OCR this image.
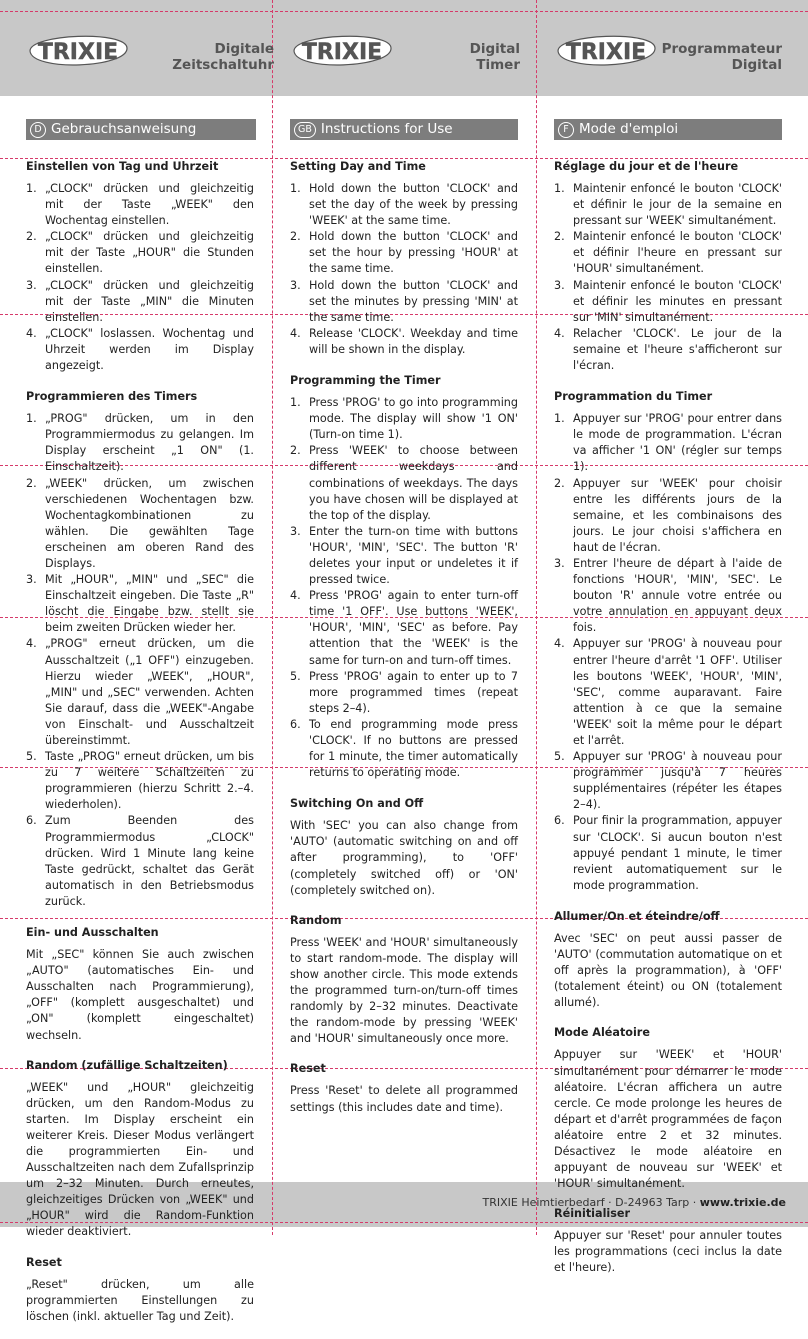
TRIXIE Heimtierbedarf · D-24963 Tarp · www.trixie.de
TRIXIE	Digitale
Zeitschaltuhr
D Gebrauchsanweisung
Einstellen von Tag und Uhrzeit
1. „CLOCK" drücken und gleichzeitig mit der Taste „WEEK" den Wochentag einstellen.
2. „CLOCK" drücken und gleichzeitig mit der Taste „HOUR" die Stunden einstellen.
3. „CLOCK" drücken und gleichzeitig mit der Taste „MIN" die Minuten einstellen.
4. „CLOCK" loslassen. Wochentag und Uhrzeit werden im Display angezeigt.
Programmieren des Timers
1. „PROG" drücken, um in den Programmiermodus zu gelangen. Im Display erscheint „1 ON" (1. Einschaltzeit).
2. „WEEK" drücken, um zwischen verschiedenen Wochentagen bzw. Wochentagkombinationen zu wählen. Die gewählten Tage erscheinen am oberen Rand des Displays.
3. Mit „HOUR", „MIN" und „SEC" die Einschaltzeit eingeben. Die Taste „R" löscht die Eingabe bzw. stellt sie beim zweiten Drücken wieder her.
4. „PROG" erneut drücken, um die Ausschaltzeit („1 OFF") einzugeben. Hierzu wieder „WEEK", „HOUR", „MIN" und „SEC" verwenden. Achten Sie darauf, dass die „WEEK"-Angabe von Einschalt- und Ausschaltzeit übereinstimmt.
5. Taste „PROG" erneut drücken, um bis zu 7 weitere Schaltzeiten zu programmieren (hierzu Schritt 2.–4. wiederholen).
6. Zum Beenden des Programmiermodus „CLOCK" drücken. Wird 1 Minute lang keine Taste gedrückt, schaltet das Gerät automatisch in den Betriebsmodus zurück.
Ein- und Ausschalten

Mit „SEC" können Sie auch zwischen „AUTO" (automatisches Ein- und Ausschalten nach Programmierung), „OFF" (komplett ausgeschaltet) und „ON" (komplett eingeschaltet) wechseln.

Random (zufällige Schaltzeiten)

„WEEK" und „HOUR" gleichzeitig drücken, um den Random-Modus zu starten. Im Display erscheint ein weiterer Kreis. Dieser Modus verlängert die programmierten Ein- und Ausschaltzeiten nach dem Zufallsprinzip um 2–32 Minuten. Durch erneutes, gleichzeitiges Drücken von „WEEK" und „HOUR" wird die Random-Funktion wieder deaktiviert.

Reset

„Reset" drücken, um alle programmierten Einstellungen zu löschen (inkl. aktueller Tag und Zeit).

TRIXIE	Digital
Timer
GB Instructions for Use
Setting Day and Time
1. Hold down the button 'CLOCK' and set the day of the week by pressing 'WEEK' at the same time.
2. Hold down the button 'CLOCK' and set the hour by pressing 'HOUR' at the same time.
3. Hold down the button 'CLOCK' and set the minutes by pressing 'MIN' at the same time.
4. Release 'CLOCK'. Weekday and time will be shown in the display.
Programming the Timer
1. Press 'PROG' to go into programming mode. The display will show '1 ON' (Turn-on time 1).
2. Press 'WEEK' to choose between different weekdays and combinations of weekdays. The days you have chosen will be displayed at the top of the display.
3. Enter the turn-on time with buttons 'HOUR', 'MIN', 'SEC'. The button 'R' deletes your input or undeletes it if pressed twice.
4. Press 'PROG' again to enter turn-off time '1 OFF'. Use buttons 'WEEK', 'HOUR', 'MIN', 'SEC' as before. Pay attention that the 'WEEK' is the same for turn-on and turn-off times.
5. Press 'PROG' again to enter up to 7 more programmed times (repeat steps 2–4).
6. To end programming mode press 'CLOCK'. If no buttons are pressed for 1 minute, the timer automatically returns to operating mode.
Switching On and Off

With 'SEC' you can also change from 'AUTO' (automatic switching on and off after programming), to 'OFF' (completely switched off) or 'ON' (completely switched on).

Random

Press 'WEEK' and 'HOUR' simultaneously to start random-mode. The display will show another circle. This mode extends the programmed turn-on/turn-off times randomly by 2–32 minutes. Deactivate the random-mode by pressing 'WEEK' and 'HOUR' simultaneously once more.

Reset

Press 'Reset' to delete all programmed settings (this includes date and time).

TRIXIE	Programmateur
Digital
F Mode d'emploi
Réglage du jour et de l'heure
1. Maintenir enfoncé le bouton 'CLOCK' et définir le jour de la semaine en pressant sur 'WEEK' simultanément.
2. Maintenir enfoncé le bouton 'CLOCK' et définir l'heure en pressant sur 'HOUR' simultanément.
3. Maintenir enfoncé le bouton 'CLOCK' et définir les minutes en pressant sur 'MIN' simultanément.
4. Relacher 'CLOCK'. Le jour de la semaine et l'heure s'afficheront sur l'écran.
Programmation du Timer
1. Appuyer sur 'PROG' pour entrer dans le mode de programmation. L'écran va afficher '1 ON' (régler sur temps 1).
2. Appuyer sur 'WEEK' pour choisir entre les différents jours de la semaine, et les combinaisons des jours. Le jour choisi s'affichera en haut de l'écran.
3. Entrer l'heure de départ à l'aide de fonctions 'HOUR', 'MIN', 'SEC'. Le bouton 'R' annule votre entrée ou votre annulation en appuyant deux fois.
4. Appuyer sur 'PROG' à nouveau pour entrer l'heure d'arrêt '1 OFF'. Utiliser les boutons 'WEEK', 'HOUR', 'MIN', 'SEC', comme auparavant. Faire attention à ce que la semaine 'WEEK' soit la même pour le départ et l'arrêt.
5. Appuyer sur 'PROG' à nouveau pour programmer jusqu'à 7 heures supplémentaires (répéter les étapes 2–4).
6. Pour finir la programmation, appuyer sur 'CLOCK'. Si aucun bouton n'est appuyé pendant 1 minute, le timer revient automatiquement sur le mode programmation.
Allumer/On et éteindre/off

Avec 'SEC' on peut aussi passer de 'AUTO' (commutation automatique on et off après la programmation), à 'OFF' (totalement éteint) ou ON (totalement allumé).

Mode Aléatoire

Appuyer sur 'WEEK' et 'HOUR' simultanément pour démarrer le mode aléatoire. L'écran affichera un autre cercle. Ce mode prolonge les heures de départ et d'arrêt programmées de façon aléatoire entre 2 et 32 minutes. Désactivez le mode aléatoire en appuyant de nouveau sur 'WEEK' et 'HOUR' simultanément.

Réinitialiser

Appuyer sur 'Reset' pour annuler toutes les programmations (ceci inclus la date et l'heure).
